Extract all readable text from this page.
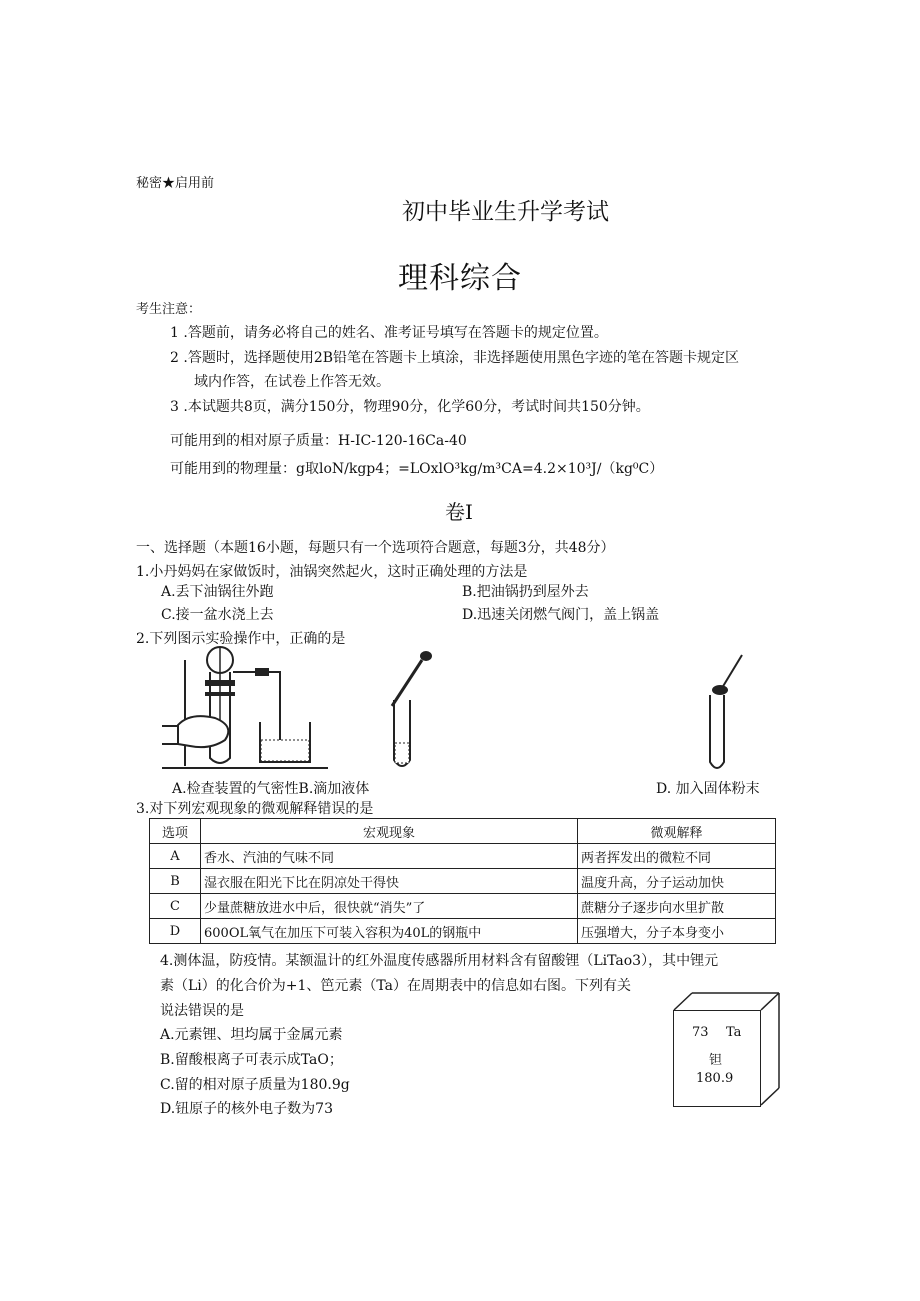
秘密★启用前
初中毕业生升学考试
理科综合
考生注意：
1 .答题前，请务必将自己的姓名、准考证号填写在答题卡的规定位置。
2 .答题时，选择题使用2B铅笔在答题卡上填涂，非选择题使用黑色字迹的笔在答题卡规定区
域内作答，在试卷上作答无效。
3 .本试题共8页，满分150分，物理90分，化学60分，考试时间共150分钟。
可能用到的相对原子质量：H-IC-120-16Ca-40
可能用到的物理量：g取loN∕kgp4；=LOxlO³kg∕m³CA=4.2×10³J∕（kg⁰C）
卷I
一、选择题（本题16小题，每题只有一个选项符合题意，每题3分，共48分）
1.小丹妈妈在家做饭时，油锅突然起火，这时正确处理的方法是
A.丢下油锅往外跑	B.把油锅扔到屋外去
C.接一盆水浇上去	D.迅速关闭燃气阀门，盖上锅盖
2.下列图示实验操作中，正确的是
A.检查装置的气密性B.滴加液体	D. 加入固体粉末
3.对下列宏观现象的微观解释错误的是
选项	宏观现象	微观解释
A	香水、汽油的气味不同	两者挥发出的微粒不同
B	湿衣服在阳光下比在阴凉处干得快	温度升高，分子运动加快
C	少量蔗糖放进水中后，很快就“消失”了	蔗糖分子逐步向水里扩散
D	600OL氧气在加压下可装入容积为40L的钢瓶中	压强增大，分子本身变小
4.测体温，防疫情。某额温计的红外温度传感器所用材料含有留酸锂（LiTao3），其中锂元
素（Li）的化合价为+1、笆元素（Ta）在周期表中的信息如右图。下列有关
说法错误的是
A.元素锂、坦均属于金属元素
B.留酸根离子可表示成TaO；
C.留的相对原子质量为180.9g
D.钮原子的核外电子数为73
73 Ta
钽
180.9
